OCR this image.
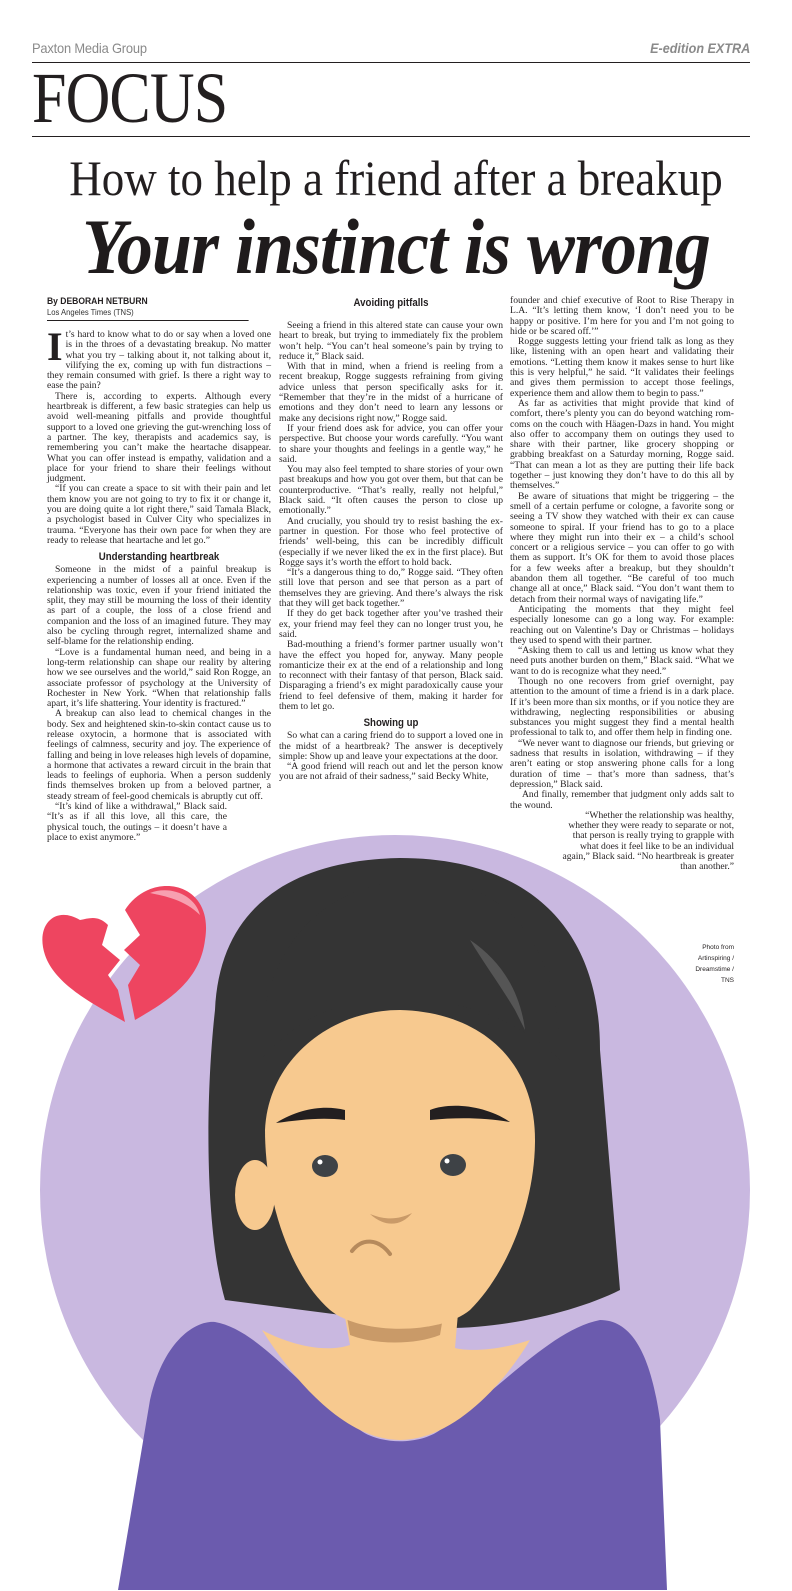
Paxton Media Group	E-edition EXTRA
FOCUS
How to help a friend after a breakup
Your instinct is wrong
By DEBORAH NETBURN
Los Angeles Times (TNS)

It’s hard to know what to do or say when a loved one is in the throes of a devastating breakup. No matter what you try – talking about it, not talking about it, vilifying the ex, coming up with fun distractions – they remain consumed with grief. Is there a right way to ease the pain?

There is, according to experts. Although every heartbreak is different, a few basic strategies can help us avoid well-meaning pitfalls and provide thoughtful support to a loved one grieving the gut-wrenching loss of a partner. The key, therapists and academics say, is remembering you can’t make the heartache disappear. What you can offer instead is empathy, validation and a place for your friend to share their feelings without judgment.

“If you can create a space to sit with their pain and let them know you are not going to try to fix it or change it, you are doing quite a lot right there,” said Tamala Black, a psychologist based in Culver City who specializes in trauma. “Everyone has their own pace for when they are ready to release that heartache and let go.”

Understanding heartbreak

Someone in the midst of a painful breakup is experiencing a number of losses all at once. Even if the relationship was toxic, even if your friend initiated the split, they may still be mourning the loss of their identity as part of a couple, the loss of a close friend and companion and the loss of an imagined future. They may also be cycling through regret, internalized shame and self-blame for the relationship ending.

“Love is a fundamental human need, and being in a long-term relationship can shape our reality by altering how we see ourselves and the world,” said Ron Rogge, an associate professor of psychology at the University of Rochester in New York. “When that relationship falls apart, it’s life shattering. Your identity is fractured.”

A breakup can also lead to chemical changes in the body. Sex and heightened skin-to-skin contact cause us to release oxytocin, a hormone that is associated with feelings of calmness, security and joy. The experience of falling and being in love releases high levels of dopamine, a hormone that activates a reward circuit in the brain that leads to feelings of euphoria. When a person suddenly finds themselves broken up from a beloved partner, a steady stream of feel-good chemicals is abruptly cut off.

“It’s kind of like a withdrawal,” Black said. “It’s as if all this love, all this care, the physical touch, the outings – it doesn’t have a place to exist anymore.”

Avoiding pitfalls

Seeing a friend in this altered state can cause your own heart to break, but trying to immediately fix the problem won’t help. “You can’t heal someone’s pain by trying to reduce it,” Black said.

With that in mind, when a friend is reeling from a recent breakup, Rogge suggests refraining from giving advice unless that person specifically asks for it. “Remember that they’re in the midst of a hurricane of emotions and they don’t need to learn any lessons or make any decisions right now,” Rogge said.

If your friend does ask for advice, you can offer your perspective. But choose your words carefully. “You want to share your thoughts and feelings in a gentle way,” he said.

You may also feel tempted to share stories of your own past breakups and how you got over them, but that can be counterproductive. “That’s really, really not helpful,” Black said. “It often causes the person to close up emotionally.”

And crucially, you should try to resist bashing the ex-partner in question. For those who feel protective of friends’ well-being, this can be incredibly difficult (especially if we never liked the ex in the first place). But Rogge says it’s worth the effort to hold back.

“It’s a dangerous thing to do,” Rogge said. “They often still love that person and see that person as a part of themselves they are grieving. And there’s always the risk that they will get back together.”

If they do get back together after you’ve trashed their ex, your friend may feel they can no longer trust you, he said.

Bad-mouthing a friend’s former partner usually won’t have the effect you hoped for, anyway. Many people romanticize their ex at the end of a relationship and long to reconnect with their fantasy of that person, Black said. Disparaging a friend’s ex might paradoxically cause your friend to feel defensive of them, making it harder for them to let go.

Showing up

So what can a caring friend do to support a loved one in the midst of a heartbreak? The answer is deceptively simple: Show up and leave your expectations at the door.

“A good friend will reach out and let the person know you are not afraid of their sadness,” said Becky White,

founder and chief executive of Root to Rise Therapy in L.A. “It’s letting them know, ‘I don’t need you to be happy or positive. I’m here for you and I’m not going to hide or be scared off.’”

Rogge suggests letting your friend talk as long as they like, listening with an open heart and validating their emotions. “Letting them know it makes sense to hurt like this is very helpful,” he said. “It validates their feelings and gives them permission to accept those feelings, experience them and allow them to begin to pass.”

As far as activities that might provide that kind of comfort, there’s plenty you can do beyond watching rom-coms on the couch with Häagen-Dazs in hand. You might also offer to accompany them on outings they used to share with their partner, like grocery shopping or grabbing breakfast on a Saturday morning, Rogge said. “That can mean a lot as they are putting their life back together – just knowing they don’t have to do this all by themselves.”

Be aware of situations that might be triggering – the smell of a certain perfume or cologne, a favorite song or seeing a TV show they watched with their ex can cause someone to spiral. If your friend has to go to a place where they might run into their ex – a child’s school concert or a religious service – you can offer to go with them as support. It’s OK for them to avoid those places for a few weeks after a breakup, but they shouldn’t abandon them all together. “Be careful of too much change all at once,” Black said. “You don’t want them to detach from their normal ways of navigating life.”

Anticipating the moments that they might feel especially lonesome can go a long way. For example: reaching out on Valentine’s Day or Christmas – holidays they used to spend with their partner.

“Asking them to call us and letting us know what they need puts another burden on them,” Black said. “What we want to do is recognize what they need.”

Though no one recovers from grief overnight, pay attention to the amount of time a friend is in a dark place. If it’s been more than six months, or if you notice they are withdrawing, neglecting responsibilities or abusing substances you might suggest they find a mental health professional to talk to, and offer them help in finding one.

“We never want to diagnose our friends, but grieving or sadness that results in isolation, withdrawing – if they aren’t eating or stop answering phone calls for a long duration of time – that’s more than sadness, that’s depression,” Black said.

And finally, remember that judgment only adds salt to the wound.

“Whether the relationship was healthy, whether they were ready to separate or not, that person is really trying to grapple with what does it feel like to be an individual again,” Black said. “No heartbreak is greater than another.”

Photo from Artinspiring / Dreamstime / TNS
